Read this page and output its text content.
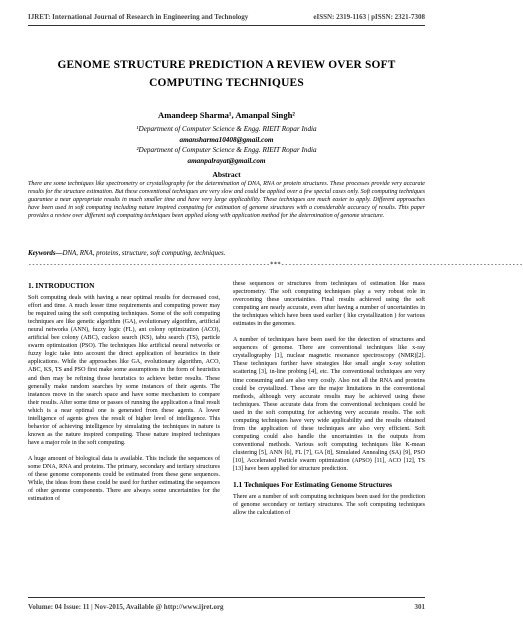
IJRET: International Journal of Research in Engineering and Technology	eISSN: 2319-1163 | pISSN: 2321-7308
GENOME STRUCTURE PREDICTION A REVIEW OVER SOFT
COMPUTING TECHNIQUES
Amandeep Sharma¹, Amanpal Singh²
¹Department of Computer Science & Engg. RIEIT Ropar India
amansharma10408@gmail.com
²Department of Computer Science & Engg. RIEIT Ropar India
amanpalrayat@gmail.com
Abstract
There are some techniques like spectrometry or crystallography for the determination of DNA, RNA or protein structures. These processes provide very accurate results for the structure estimation. But these conventional techniques are very slow and could be applied over a few special cases only. Soft computing techniques guarantee a near appropriate results in much smaller time and have very large applicability. These techniques are much easier to apply. Different approaches have been used in soft computing including nature inspired computing for estimation of genome structures with a considerable accuracy of results. This paper provides a review over different soft computing techniques been applied along with application method for the determination of genome structure.
Keywords—DNA, RNA, proteins, structure, soft computing, techniques.
-------------------------------------------------------------------***-------------------------------------------------------------------
1. INTRODUCTION

Soft computing deals with having a near optimal results for decreased cost, effort and time. A much lesser time requirements and computing power may be required using the soft computing techniques. Some of the soft computing techniques are like genetic algorithm (GA), evolutionary algorithm, artificial neural networks (ANN), fuzzy logic (FL), ant colony optimization (ACO), artificial bee colony (ABC), cuckoo search (KS), tabu search (TS), particle swarm optimization (PSO). The techniques like artificial neural networks or fuzzy logic take into account the direct application of heuristics in their applications. While the approaches like GA, evolutionary algorithm, ACO, ABC, KS, TS and PSO first make some assumptions in the form of heuristics and then may be refining those heuristics to achieve better results. These generally make random searches by some instances of their agents. The instances move in the search space and have some mechanism to compare their results. After some time or passes of running the application a final result which is a near optimal one is generated from these agents. A lower intelligence of agents gives the result of higher level of intelligence. This behavior of achieving intelligence by simulating the techniques in nature is known as the nature inspired computing. These nature inspired techniques have a major role in the soft computing.

A huge amount of biological data is available. This include the sequences of some DNA, RNA and proteins. The primary, secondary and tertiary structures of these genome components could be estimated from these gene sequences. While, the ideas from these could be used for further estimating the sequences of other genome components. There are always some uncertainties for the estimation of

these sequences or structures from techniques of estimation like mass spectrometry. The soft computing techniques play a very robust role in overcoming these uncertainties. Final results achieved using the soft computing are nearly accurate, even after having a number of uncertainties in the techniques which have been used earlier ( like crystallization ) for various estimates in the genomes.

A number of techniques have been used for the detection of structures and sequences of genome. There are conventional techniques like x-ray crystallography [1], nuclear magnetic resonance spectroscopy (NMR)[2]. These techniques further have strategies like small angle x-ray solution scattering [3], in-line probing [4], etc. The conventional techniques are very time consuming and are also very costly. Also not all the RNA and proteins could be crystallized. These are the major limitations in the conventional methods, although very accurate results may be achieved using these techniques. These accurate data from the conventional techniques could be used in the soft computing for achieving very accurate results. The soft computing techniques have very wide applicability and the results obtained from the application of these techniques are also very efficient. Soft computing could also handle the uncertainties in the outputs from conventional methods. Various soft computing techniques like K-mean clustering [5], ANN [6], FL [7], GA [8], Simulated Annealing (SA) [9], PSO [10], Accelerated Particle swarm optimization (APSO) [11], ACO [12], TS [13] have been applied for structure prediction.

1.1 Techniques For Estimating Genome Structures

There are a number of soft computing techniques been used for the prediction of genome secondary or tertiary structures. The soft computing techniques allow the calculation of

Volume: 04 Issue: 11 | Nov-2015, Available @ http://www.ijret.org	301
